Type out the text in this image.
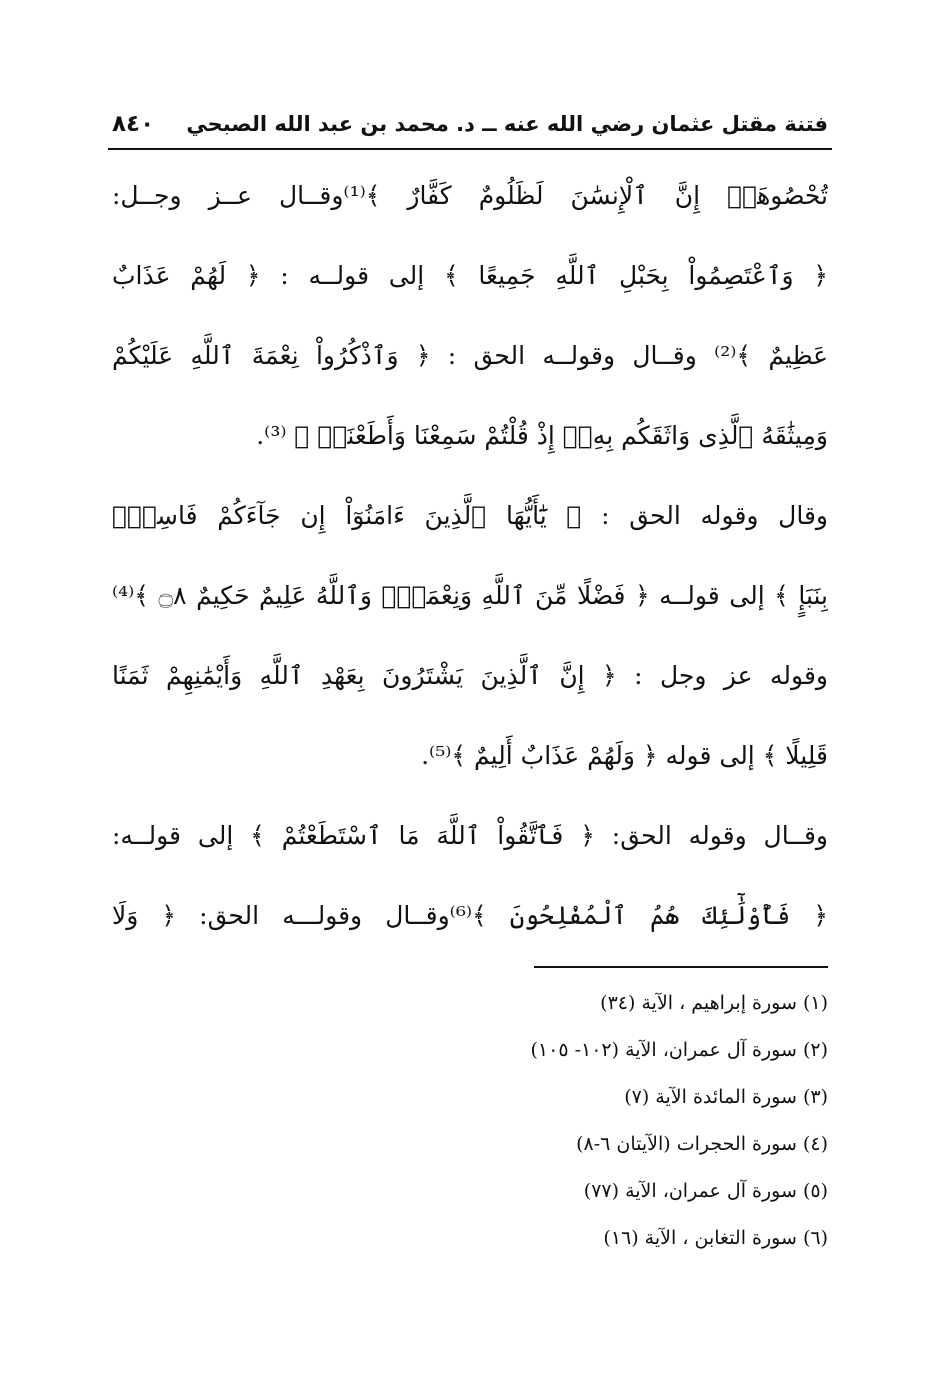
فتنة مقتل عثمان رضي الله عنه ــ د. محمد بن عبد الله الصبحي
٨٤٠
تُحْصُوهَآۗ إِنَّ ٱلْإِنسَٰنَ لَظَلُومٌ كَفَّارٌ ﴾⁽¹⁾وقــال عــز وجــل:
﴿ وَٱعْتَصِمُواْ بِحَبْلِ ٱللَّهِ جَمِيعًا ﴾ إلى قولــه : ﴿ لَهُمْ عَذَابٌ
عَظِيمٌ ﴾⁽²⁾ وقــال وقولــه الحق : ﴿ وَٱذْكُرُواْ نِعْمَةَ ٱللَّهِ عَلَيْكُمْ
وَمِيثَٰقَهُ ٱلَّذِى وَاثَقَكُم بِهِۦٓ إِذْ قُلْتُمْ سَمِعْنَا وَأَطَعْنَاۖ ﴾ ⁽³⁾.
وقال وقوله الحق : ﴿ يَٰٓأَيُّهَا ٱلَّذِينَ ءَامَنُوٓاْ إِن جَآءَكُمْ فَاسِقٌۢ
بِنَبَإٍ ﴾ إلى قولــه ﴿ فَضْلًا مِّنَ ٱللَّهِ وَنِعْمَةًۚ وَٱللَّهُ عَلِيمٌ حَكِيمٌ ۝٨ ﴾⁽⁴⁾
وقوله عز وجل : ﴿ إِنَّ ٱلَّذِينَ يَشْتَرُونَ بِعَهْدِ ٱللَّهِ وَأَيْمَٰنِهِمْ ثَمَنًا
قَلِيلًا ﴾ إلى قوله ﴿ وَلَهُمْ عَذَابٌ أَلِيمٌ ﴾⁽⁵⁾.
وقــال وقوله الحق: ﴿ فَٱتَّقُواْ ٱللَّهَ مَا ٱسْتَطَعْتُمْ ﴾ إلى قولــه:
﴿ فَأُوْلَٰٓئِكَ هُمُ ٱلْمُفْلِحُونَ ﴾⁽⁶⁾وقــال وقولـــه الحق: ﴿ وَلَا
(١) سورة إبراهيم ، الآية (٣٤)
(٢) سورة آل عمران، الآية (١٠٢- ١٠٥)
(٣) سورة المائدة الآية (٧)
(٤) سورة الحجرات (الآيتان ٦-٨)
(٥) سورة آل عمران، الآية (٧٧)
(٦) سورة التغابن ، الآية (١٦)
